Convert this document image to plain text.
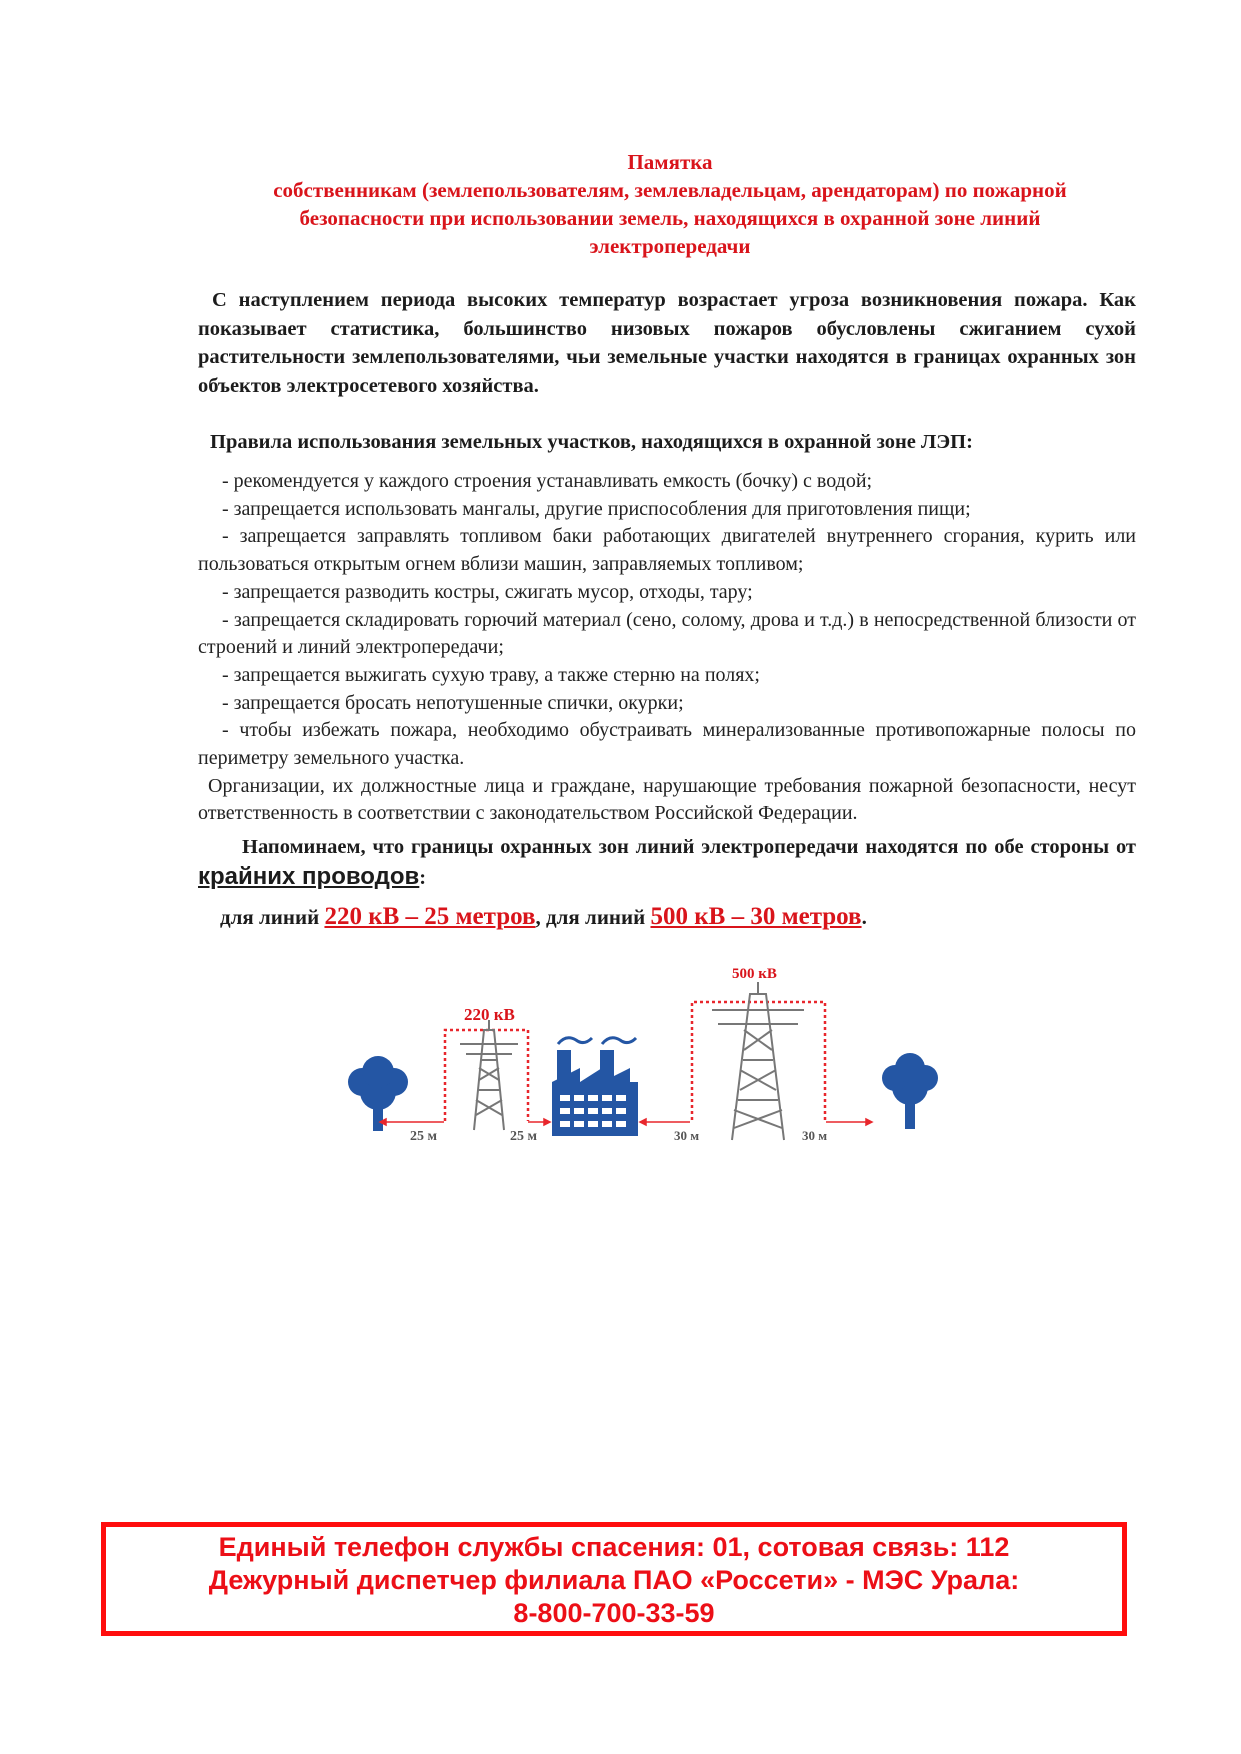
Памятка
собственникам (землепользователям, землевладельцам, арендаторам) по пожарной
безопасности при использовании земель, находящихся в охранной зоне линий
электропередачи

С наступлением периода высоких температур возрастает угроза возникновения пожара. Как показывает статистика, большинство низовых пожаров обусловлены сжиганием сухой растительности землепользователями, чьи земельные участки находятся в границах охранных зон объектов электросетевого хозяйства.

Правила использования земельных участков, находящихся в охранной зоне ЛЭП:

- рекомендуется у каждого строения устанавливать емкость (бочку) с водой;

- запрещается использовать мангалы, другие приспособления для приготовления пищи;

- запрещается заправлять топливом баки работающих двигателей внутреннего сгорания, курить или пользоваться открытым огнем вблизи машин, заправляемых топливом;

- запрещается разводить костры, сжигать мусор, отходы, тару;

- запрещается складировать горючий материал (сено, солому, дрова и т.д.) в непосредственной близости от строений и линий электропередачи;

- запрещается выжигать сухую траву, а также стерню на полях;

- запрещается бросать непотушенные спички, окурки;

- чтобы избежать пожара, необходимо обустраивать минерализованные противопожарные полосы по периметру земельного участка.

Организации, их должностные лица и граждане, нарушающие требования пожарной безопасности, несут ответственность в соответствии с законодательством Российской Федерации.

Напоминаем, что границы охранных зон линий электропередачи находятся по обе стороны от крайних проводов:

для линий 220 кВ – 25 метров, для линий 500 кВ – 30 метров.
220 кВ
500 кВ
25 м	25 м	30 м	30 м
Единый телефон службы спасения: 01, сотовая связь: 112
Дежурный диспетчер филиала ПАО «Россети» - МЭС Урала:
8-800-700-33-59
